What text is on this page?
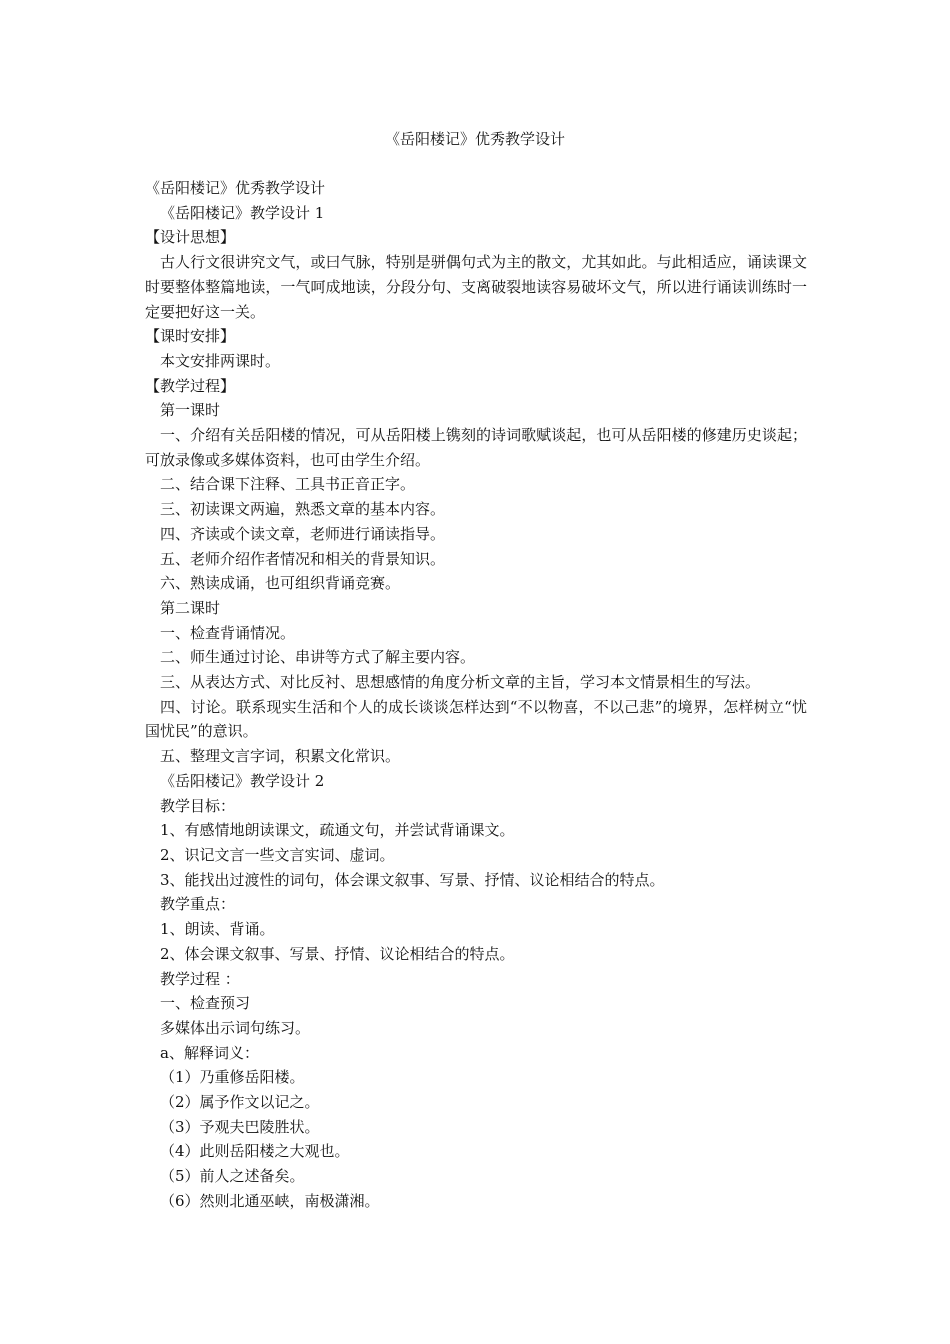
《岳阳楼记》优秀教学设计

《岳阳楼记》优秀教学设计

《岳阳楼记》教学设计 1

【设计思想】

古人行文很讲究文气，或曰气脉，特别是骈偶句式为主的散文，尤其如此。与此相适应，诵读课文时要整体整篇地读，一气呵成地读，分段分句、支离破裂地读容易破坏文气，所以进行诵读训练时一定要把好这一关。

【课时安排】

本文安排两课时。

【教学过程】

第一课时

一、介绍有关岳阳楼的情况，可从岳阳楼上镌刻的诗词歌赋谈起，也可从岳阳楼的修建历史谈起；可放录像或多媒体资料，也可由学生介绍。

二、结合课下注释、工具书正音正字。

三、初读课文两遍，熟悉文章的基本内容。

四、齐读或个读文章，老师进行诵读指导。

五、老师介绍作者情况和相关的背景知识。

六、熟读成诵，也可组织背诵竞赛。

第二课时

一、检查背诵情况。

二、师生通过讨论、串讲等方式了解主要内容。

三、从表达方式、对比反衬、思想感情的角度分析文章的主旨，学习本文情景相生的写法。

四、讨论。联系现实生活和个人的成长谈谈怎样达到“不以物喜，不以己悲”的境界，怎样树立“忧国忧民”的意识。

五、整理文言字词，积累文化常识。

《岳阳楼记》教学设计 2

教学目标：

1、有感情地朗读课文，疏通文句，并尝试背诵课文。

2、识记文言一些文言实词、虚词。

3、能找出过渡性的词句，体会课文叙事、写景、抒情、议论相结合的特点。

教学重点：

1、朗读、背诵。

2、体会课文叙事、写景、抒情、议论相结合的特点。

教学过程 ：

一、检查预习

多媒体出示词句练习。

a、解释词义：

（1）乃重修岳阳楼。

（2）属予作文以记之。

（3）予观夫巴陵胜状。

（4）此则岳阳楼之大观也。

（5）前人之述备矣。

（6）然则北通巫峡，南极潇湘。
